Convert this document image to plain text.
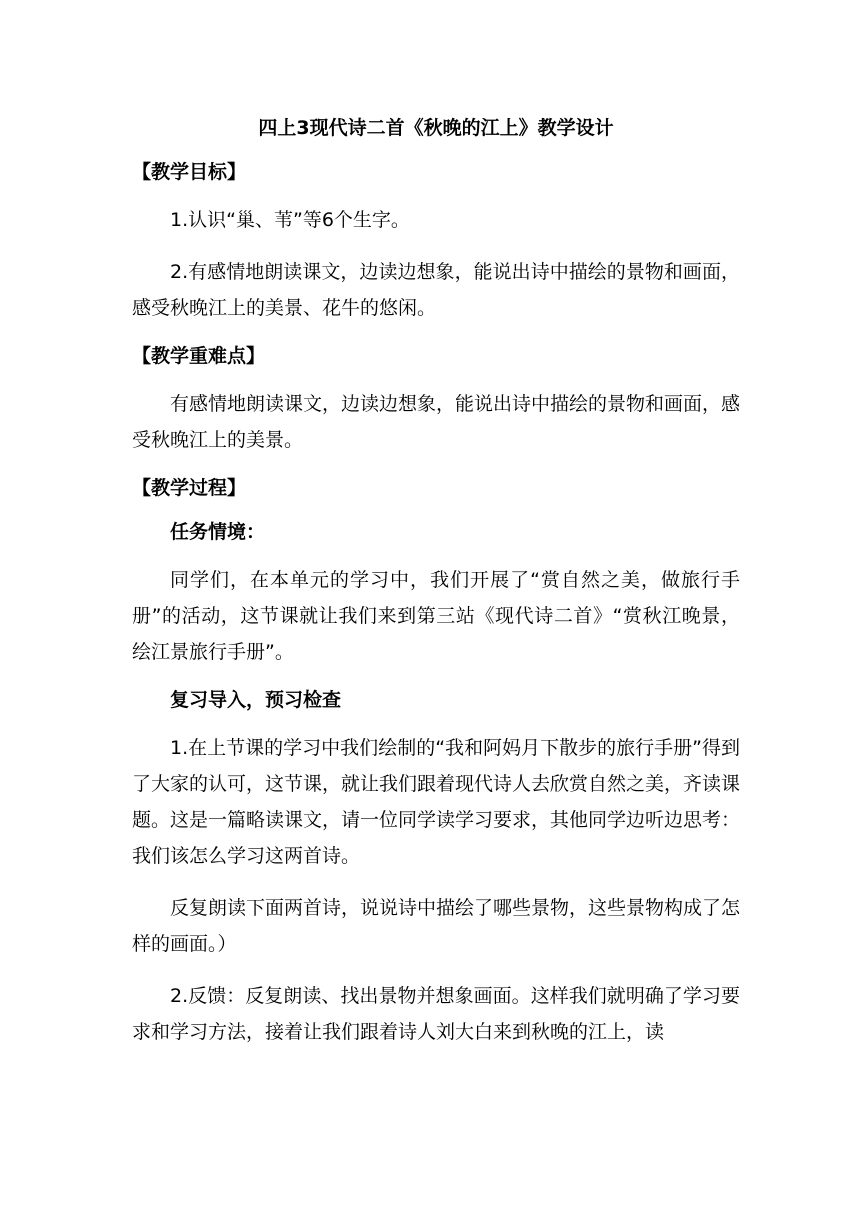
四上3现代诗二首《秋晚的江上》教学设计
【教学目标】
1.认识“巢、苇”等6个生字。
2.有感情地朗读课文，边读边想象，能说出诗中描绘的景物和画面，感受秋晚江上的美景、花牛的悠闲。
【教学重难点】
有感情地朗读课文，边读边想象，能说出诗中描绘的景物和画面，感受秋晚江上的美景。
【教学过程】
任务情境：
同学们，在本单元的学习中，我们开展了“赏自然之美，做旅行手册”的活动，这节课就让我们来到第三站《现代诗二首》“赏秋江晚景，绘江景旅行手册”。
复习导入，预习检查
1.在上节课的学习中我们绘制的“我和阿妈月下散步的旅行手册”得到了大家的认可，这节课，就让我们跟着现代诗人去欣赏自然之美，齐读课题。这是一篇略读课文，请一位同学读学习要求，其他同学边听边思考：我们该怎么学习这两首诗。
反复朗读下面两首诗，说说诗中描绘了哪些景物，这些景物构成了怎样的画面。）
2.反馈：反复朗读、找出景物并想象画面。这样我们就明确了学习要求和学习方法，接着让我们跟着诗人刘大白来到秋晚的江上，读
